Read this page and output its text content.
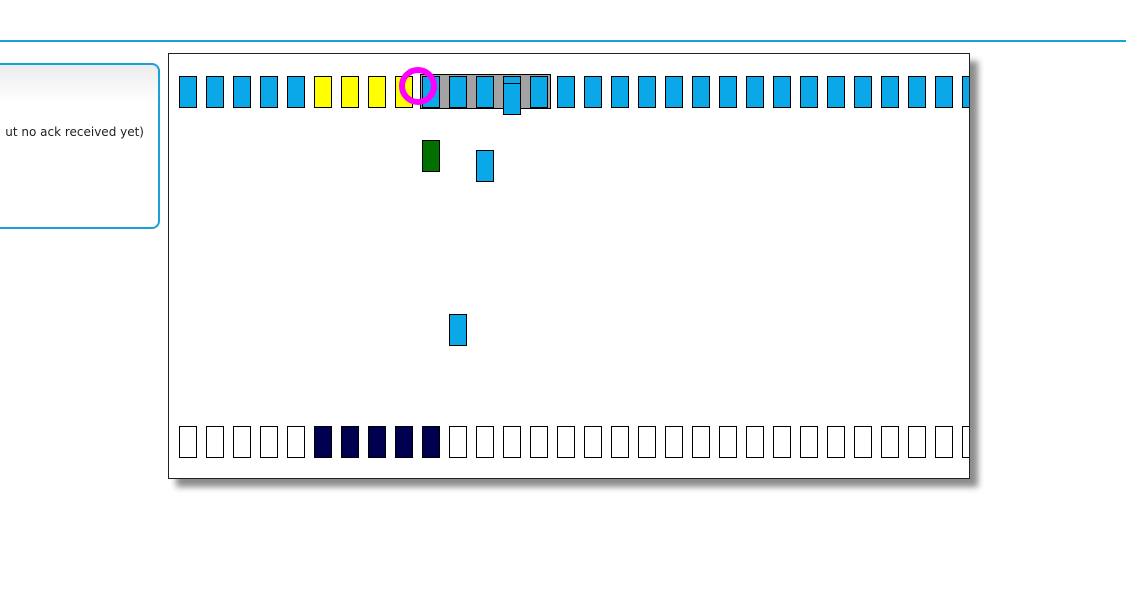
ut no ack received yet)
